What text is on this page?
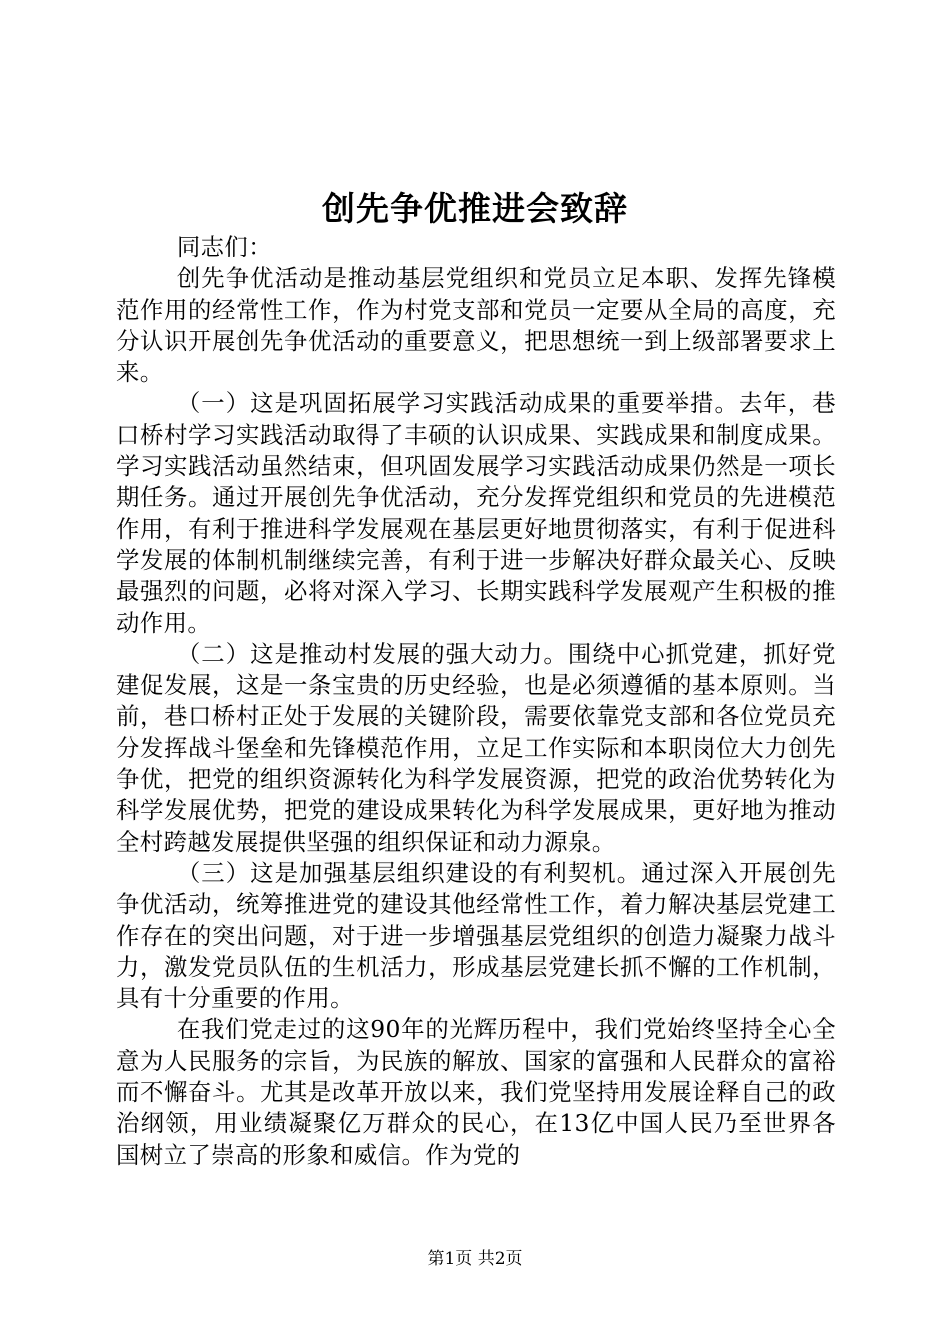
创先争优推进会致辞

同志们：

创先争优活动是推动基层党组织和党员立足本职、发挥先锋模范作用的经常性工作，作为村党支部和党员一定要从全局的高度，充分认识开展创先争优活动的重要意义，把思想统一到上级部署要求上来。

（一）这是巩固拓展学习实践活动成果的重要举措。去年，巷口桥村学习实践活动取得了丰硕的认识成果、实践成果和制度成果。学习实践活动虽然结束，但巩固发展学习实践活动成果仍然是一项长期任务。通过开展创先争优活动，充分发挥党组织和党员的先进模范作用，有利于推进科学发展观在基层更好地贯彻落实，有利于促进科学发展的体制机制继续完善，有利于进一步解决好群众最关心、反映最强烈的问题，必将对深入学习、长期实践科学发展观产生积极的推动作用。

（二）这是推动村发展的强大动力。围绕中心抓党建，抓好党建促发展，这是一条宝贵的历史经验，也是必须遵循的基本原则。当前，巷口桥村正处于发展的关键阶段，需要依靠党支部和各位党员充分发挥战斗堡垒和先锋模范作用，立足工作实际和本职岗位大力创先争优，把党的组织资源转化为科学发展资源，把党的政治优势转化为科学发展优势，把党的建设成果转化为科学发展成果，更好地为推动全村跨越发展提供坚强的组织保证和动力源泉。

（三）这是加强基层组织建设的有利契机。通过深入开展创先争优活动，统筹推进党的建设其他经常性工作，着力解决基层党建工作存在的突出问题，对于进一步增强基层党组织的创造力凝聚力战斗力，激发党员队伍的生机活力，形成基层党建长抓不懈的工作机制，具有十分重要的作用。

在我们党走过的这90年的光辉历程中，我们党始终坚持全心全意为人民服务的宗旨，为民族的解放、国家的富强和人民群众的富裕而不懈奋斗。尤其是改革开放以来，我们党坚持用发展诠释自己的政治纲领，用业绩凝聚亿万群众的民心，在13亿中国人民乃至世界各国树立了崇高的形象和威信。作为党的

第1页 共2页
